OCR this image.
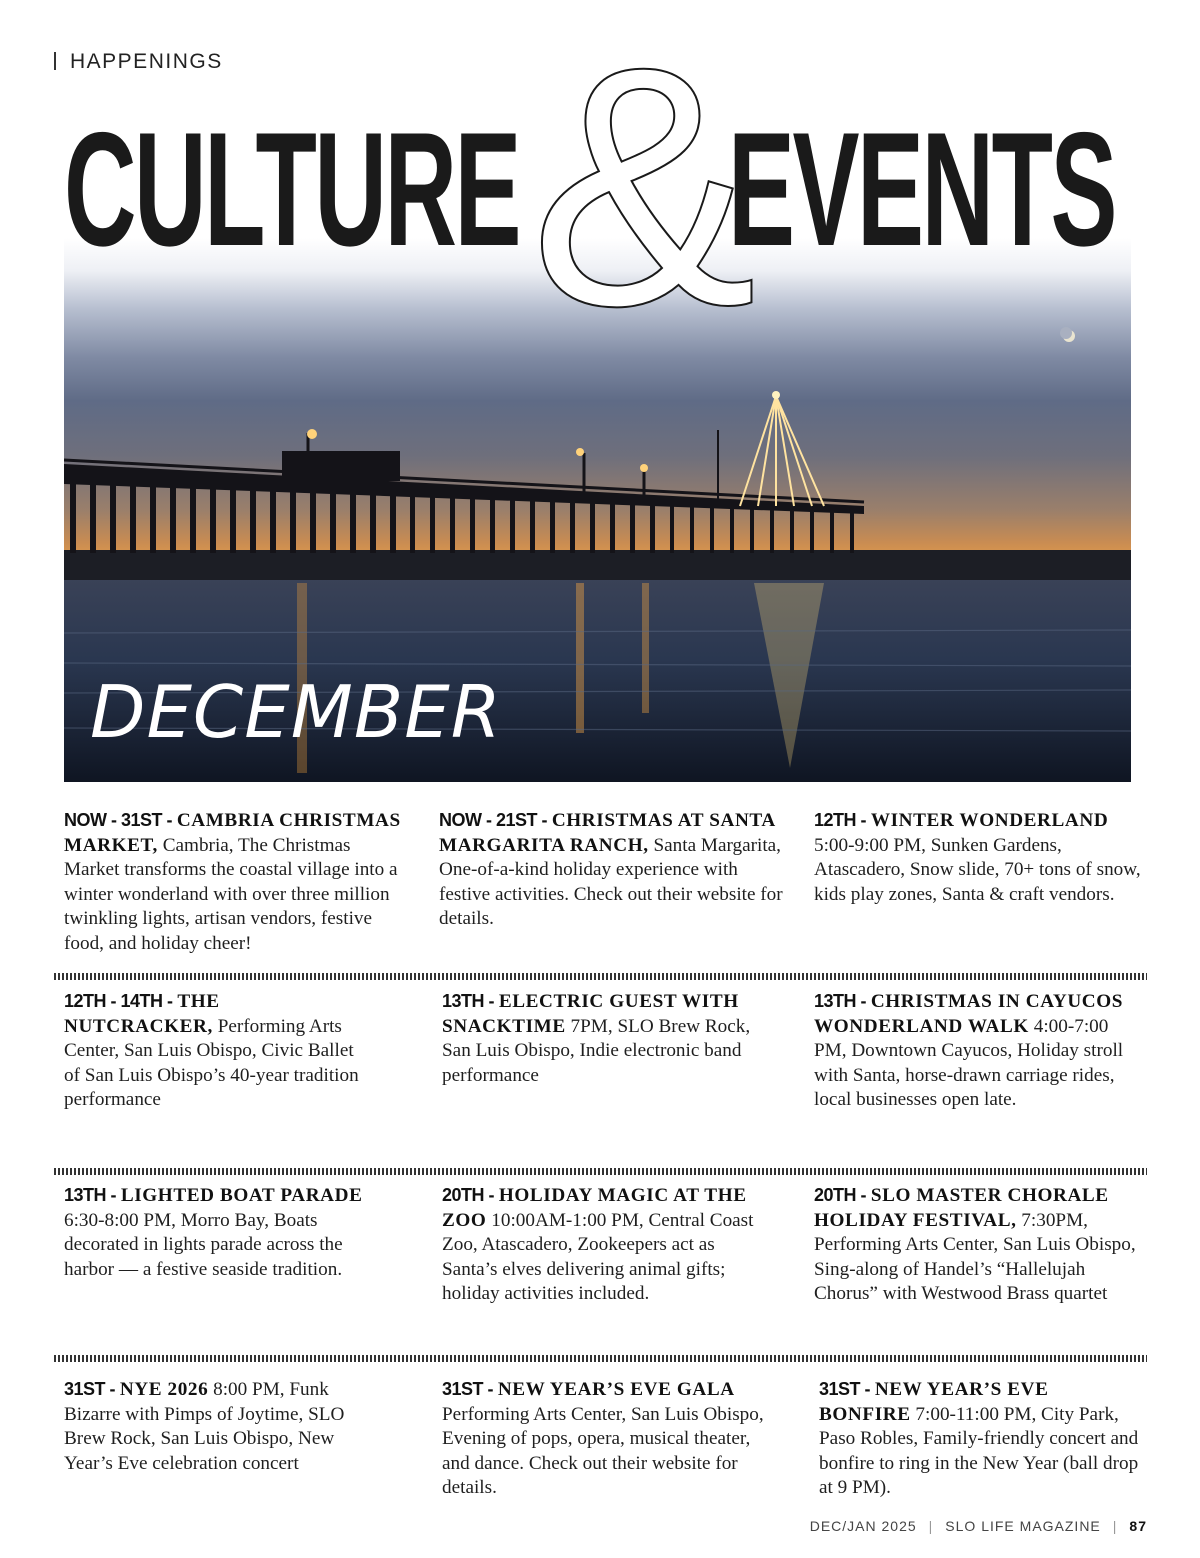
HAPPENINGS
CULTURE &
EVENTS
DECEMBER
NOW - 31ST - CAMBRIA CHRISTMAS MARKET, Cambria, The Christmas Market transforms the coastal village into a winter wonderland with over three million twinkling lights, artisan vendors, festive food, and holiday cheer!
NOW - 21ST - CHRISTMAS AT SANTA MARGARITA RANCH, Santa Margarita, One-of-a-kind holiday experience with festive activities. Check out their website for details.
12TH - WINTER WONDERLAND 5:00-9:00 PM, Sunken Gardens, Atascadero, Snow slide, 70+ tons of snow, kids play zones, Santa & craft vendors.
12TH - 14TH - THE NUTCRACKER, Performing Arts Center, San Luis Obispo, Civic Ballet of San Luis Obispo’s 40-year tradition performance
13TH - ELECTRIC GUEST WITH SNACKTIME 7PM, SLO Brew Rock, San Luis Obispo, Indie electronic band performance
13TH - CHRISTMAS IN CAYUCOS WONDERLAND WALK 4:00-7:00 PM, Downtown Cayucos, Holiday stroll with Santa, horse-drawn carriage rides, local businesses open late.
13TH - LIGHTED BOAT PARADE 6:30-8:00 PM, Morro Bay, Boats decorated in lights parade across the harbor — a festive seaside tradition.
20TH - HOLIDAY MAGIC AT THE ZOO 10:00AM-1:00 PM, Central Coast Zoo, Atascadero, Zookeepers act as Santa’s elves delivering animal gifts; holiday activities included.
20TH - SLO MASTER CHORALE HOLIDAY FESTIVAL, 7:30PM, Performing Arts Center, San Luis Obispo, Sing-along of Handel’s “Hallelujah Chorus” with Westwood Brass quartet
31ST - NYE 2026 8:00 PM, Funk Bizarre with Pimps of Joytime, SLO Brew Rock, San Luis Obispo, New Year’s Eve celebration concert
31ST - NEW YEAR’S EVE GALA Performing Arts Center, San Luis Obispo, Evening of pops, opera, musical theater, and dance. Check out their website for details.
31ST - NEW YEAR’S EVE BONFIRE 7:00-11:00 PM, City Park, Paso Robles, Family-friendly concert and bonfire to ring in the New Year (ball drop at 9 PM).
DEC/JAN 2025 | SLO LIFE MAGAZINE | 87
